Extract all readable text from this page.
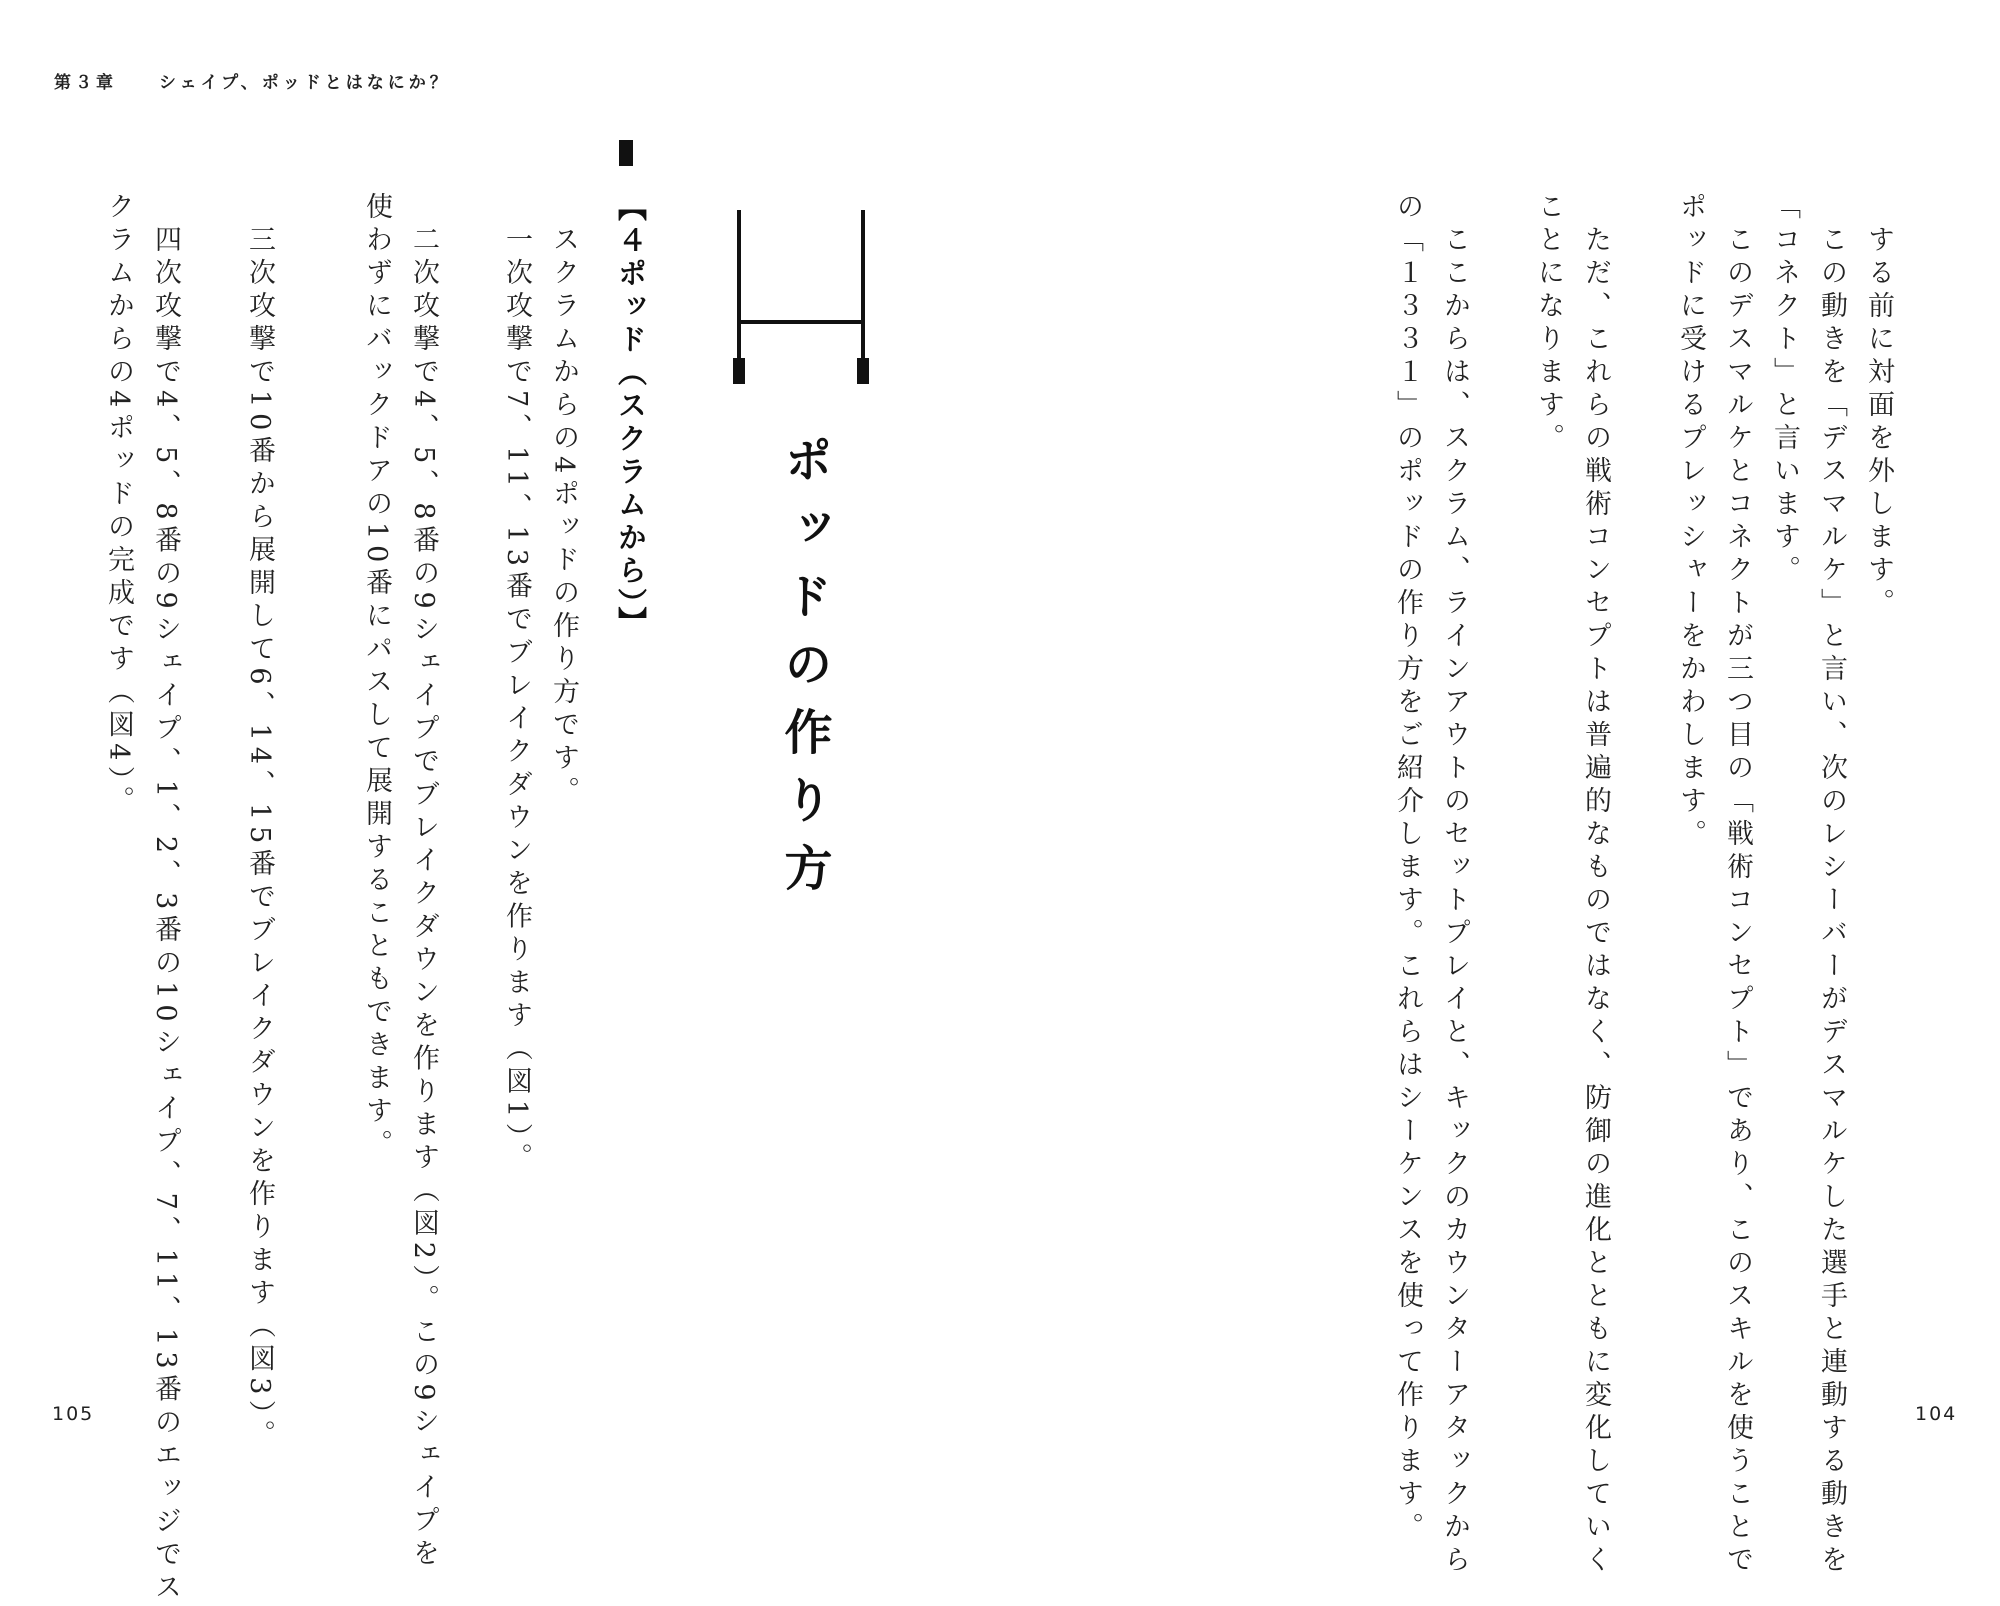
第３章　　シェイプ、ポッドとはなにか？
する前に対面を外します。
この動きを「デスマルケ」と言い、次のレシーバーがデスマルケした選手と連動する動きを
「コネクト」と言います。
このデスマルケとコネクトが三つ目の「戦術コンセプト」であり、このスキルを使うことで
ポッドに受けるプレッシャーをかわします。
ただ、これらの戦術コンセプトは普遍的なものではなく、防御の進化とともに変化していく
ことになります。
ここからは、スクラム、ラインアウトのセットプレイと、キックのカウンターアタックから
の「１３３１」のポッドの作り方をご紹介します。これらはシーケンスを使って作ります。
ポッドの作り方
【４ポッド（スクラムから）】
スクラムからの4ポッドの作り方です。
一次攻撃で7、11、13番でブレイクダウンを作ります（図1）。
二次攻撃で4、5、8番の9シェイプでブレイクダウンを作ります（図2）。この9シェイプを
使わずにバックドアの10番にパスして展開することもできます。
三次攻撃で10番から展開して6、14、15番でブレイクダウンを作ります（図3）。
四次攻撃で4、5、8番の9シェイプ、1、2、3番の10シェイプ、7、11、13番のエッジでス
クラムからの4ポッドの完成です（図4）。
105	104
